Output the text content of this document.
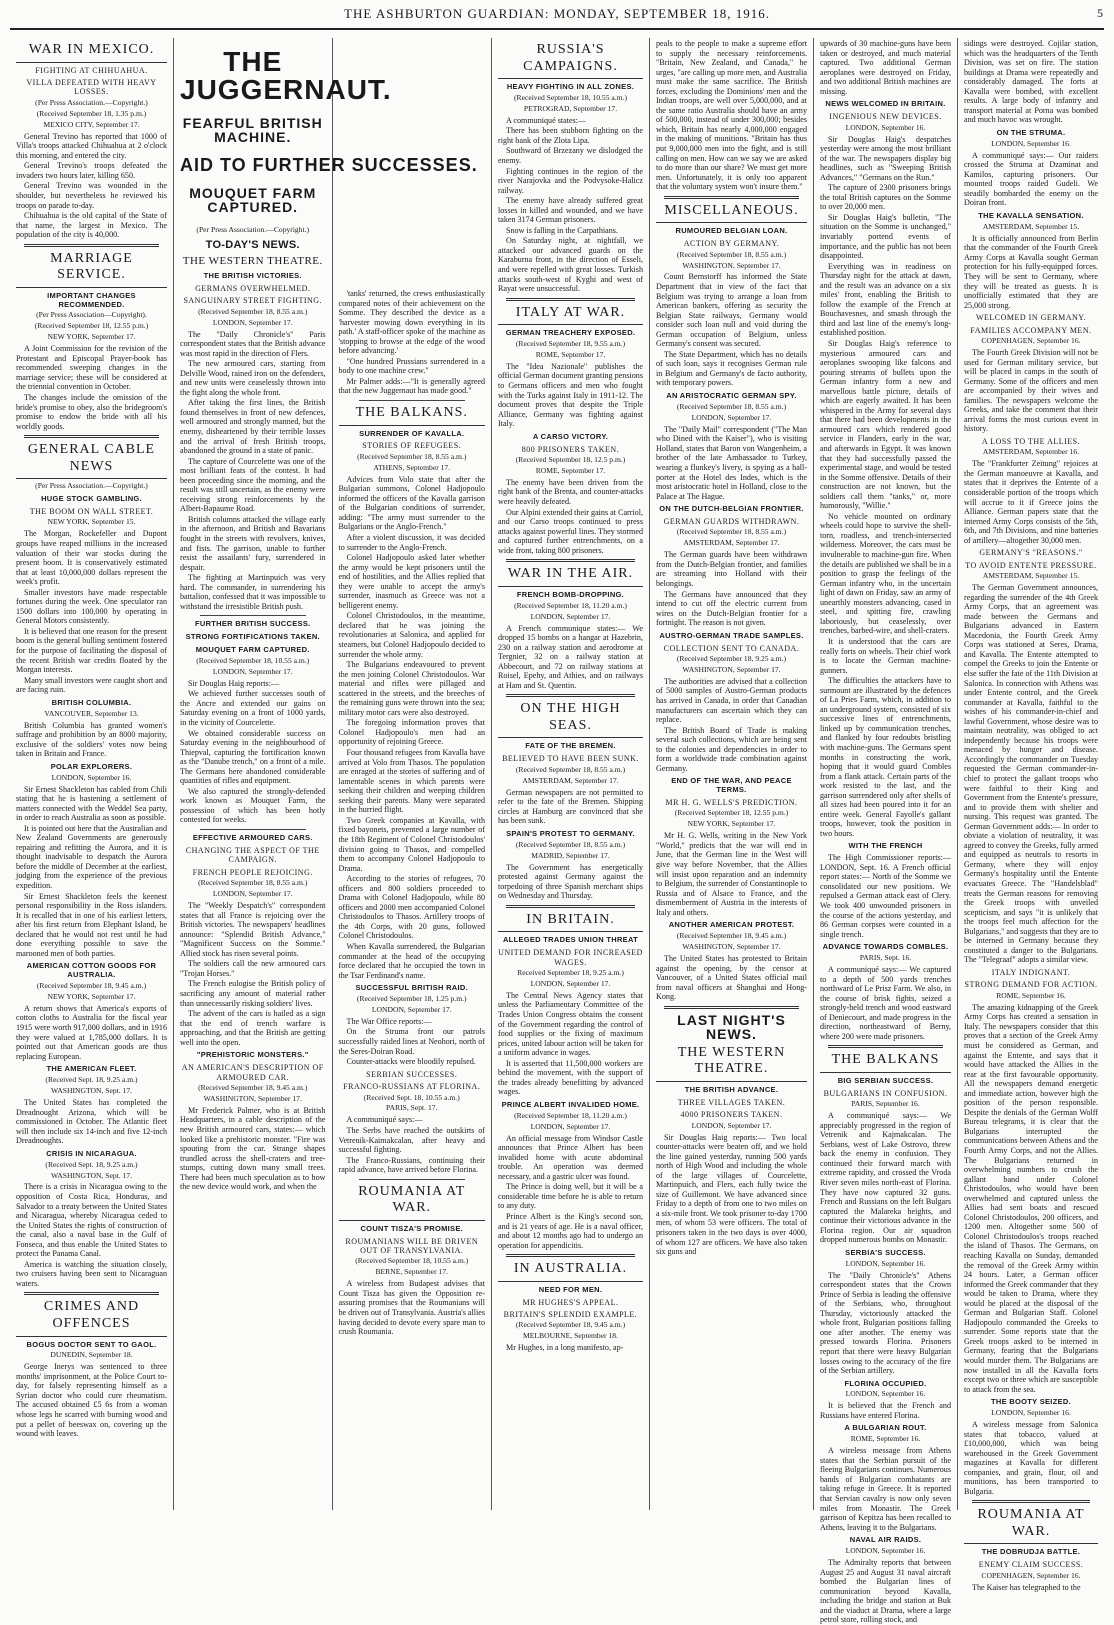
THE ASHBURTON GUARDIAN: MONDAY, SEPTEMBER 18, 1916.	5
WAR IN MEXICO.
FIGHTING AT CHIHUAHUA.
VILLA DEFEATED WITH HEAVY LOSSES.
(Per Press Association.—Copyright.)
(Received September 18, 1.35 p.m.)
MEXICO CITY, September 17.

General Trevino has reported that 1000 of Villa's troops attacked Chihuahua at 2 o'clock this morning, and entered the city.

General Trevino's troops defeated the invaders two hours later, killing 650.

General Trevino was wounded in the shoulder, but nevertheless he reviewed his troops on parade to-day.

Chihuahua is the old capital of the State of that name, the largest in Mexico. The population of the city is 40,000.

MARRIAGE SERVICE.
IMPORTANT CHANGES RECOMMENDED.
(Per Press Association—Copyright).
(Received September 18, 12.55 p.m.)
NEW YORK, September 17.

A Joint Commission for the revision of the Protestant and Episcopal Prayer-book has recommended sweeping changes in the marriage service; these will be considered at the triennial convention in October.

The changes include the omission of the bride's promise to obey, also the bridegroom's promise to endow the bride with all his worldly goods.

GENERAL CABLE NEWS
(Per Press Association.—Copyright.)
HUGE STOCK GAMBLING.
THE BOOM ON WALL STREET.
NEW YORK, September 15.

The Morgan, Rockefeller and Dupont groups have reaped millions in the increased valuation of their war stocks during the present boom. It is conservatively estimated that at least 10,000,000 dollars represent the week's profit.

Smaller investors have made respectable fortunes during the week. One speculator ran 1500 dollars into 100,000 by operating in General Motors consistently.

It is believed that one reason for the present boom is the general bulling sentiment fostered for the purpose of facilitating the disposal of the recent British war credits floated by the Morgan interests.

Many small investors were caught short and are facing ruin.

BRITISH COLUMBIA.
VANCOUVER, September 13.

British Columbia has granted women's suffrage and prohibition by an 8000 majority, exclusive of the soldiers' votes now being taken in Britain and France.

POLAR EXPLORERS.
LONDON, September 16.

Sir Ernest Shackleton has cabled from Chili stating that he is hastening a settlement of matters connected with the Weddel Sea party, in order to reach Australia as soon as possible.

It is pointed out here that the Australian and New Zealand Governments are generously repairing and refitting the Aurora, and it is thought inadvisable to despatch the Aurora before the middle of December at the earliest, judging from the experience of the previous expedition.

Sir Ernest Shackleton feels the keenest personal responsibility in the Ross islanders. It is recalled that in one of his earliest letters, after his first return from Elephant Island, he declared that he would not rest until he had done everything possible to save the marooned men of both parties.

AMERICAN COTTON GOODS FOR AUSTRALIA.
(Received September 18, 9.45 a.m.)
NEW YORK, September 17.

A return shows that America's exports of cotton cloths to Australia for the fiscal year 1915 were worth 917,000 dollars, and in 1916 they were valued at 1,785,000 dollars. It is pointed out that American goods are thus replacing European.

THE AMERICAN FLEET.
(Received Sept. 18, 9.25 a.m.)
WASHINGTON, Sept. 17.

The United States has completed the Dreadnought Arizona, which will be commissioned in October. The Atlantic fleet will then include six 14-inch and five 12-inch Dreadnoughts.

CRISIS IN NICARAGUA.
(Received Sept. 18, 9.25 a.m.)
WASHINGTON, Sept. 17.

There is a crisis in Nicaragua owing to the opposition of Costa Rica, Honduras, and Salvador to a treaty between the United States and Nicaragua, whereby Nicaragua ceded to the United States the rights of construction of the canal, also a naval base in the Gulf of Fonseca, and thus enable the United States to protect the Panama Canal.

America is watching the situation closely, two cruisers having been sent to Nicaraguan waters.

CRIMES AND OFFENCES
BOGUS DOCTOR SENT TO GAOL.
DUNEDIN, September 18.

George Inerys was sentenced to three months' imprisonment, at the Police Court to-day, for falsely representing himself as a Syrian doctor who could cure rheumatism. The accused obtained £5 6s from a woman whose legs he scarred with burning wood and put a pellet of beeswax on, covering up the wound with leaves.

THE JUGGERNAUT.
FEARFUL BRITISH MACHINE.
AID TO FURTHER SUCCESSES.
MOUQUET FARM CAPTURED.
(Per Press Association.—Copyright.)
TO-DAY'S NEWS.
THE WESTERN THEATRE.
THE BRITISH VICTORIES.
GERMANS OVERWHELMED.
SANGUINARY STREET FIGHTING.
(Received September 18, 8.55 a.m.)
LONDON, September 17.

The "Daily Chronicle's" Paris correspondent states that the British advance was most rapid in the direction of Flers.

The new armoured cars, starting from Delville Wood, rained iron on the defenders, and new units were ceaselessly thrown into the fight along the whole front.

After taking the first lines, the British found themselves in front of new defences, well armoured and strongly manned, but the enemy, disheartened by their terrible losses and the arrival of fresh British troops, abandoned the ground in a state of panic.

The capture of Courcelette was one of the most brilliant feats of the contest. It had been proceeding since the morning, and the result was still uncertain, as the enemy were receiving strong reinforcements by the Albert-Bapaume Road.

British columns attacked the village early in the afternoon, and British and Bavarians fought in the streets with revolvers, knives, and fists. The garrison, unable to further resist the assailants' fury, surrendered in despair.

The fighting at Martinpuich was very hard. The commander, in surrendering his battalion, confessed that it was impossible to withstand the irresistible British push.

FURTHER BRITISH SUCCESS.
STRONG FORTIFICATIONS TAKEN.
MOUQUET FARM CAPTURED.
(Received September 18, 10.55 a.m.)
LONDON, September 17.

Sir Douglas Haig reports:—

We achieved further successes south of the Ancre and extended our gains on Saturday evening on a front of 1000 yards, in the vicinity of Courcelette.

We obtained considerable success on Saturday evening in the neighbourhood of Thiepval, capturing the fortification known as the "Danube trench," on a front of a mile. The Germans here abandoned considerable quantities of rifles and equipment.

We also captured the strongly-defended work known as Mouquet Farm, the possession of which has been hotly contested for weeks.

EFFECTIVE ARMOURED CARS.
CHANGING THE ASPECT OF THE CAMPAIGN.
FRENCH PEOPLE REJOICING.
(Received September 18, 8.55 a.m.)
LONDON, September 17.

The "Weekly Despatch's" correspondent states that all France is rejoicing over the British victories. The newspapers' headlines announce: "Splendid British Advance," "Magnificent Success on the Somme." Allied stock has risen several points.

The soldiers call the new armoured cars "Trojan Horses."

The French eulogise the British policy of sacrificing any amount of material rather than unnecessarily risking soldiers' lives.

The advent of the cars is hailed as a sign that the end of trench warfare is approaching, and that the British are getting well into the open.

"PREHISTORIC MONSTERS."
AN AMERICAN'S DESCRIPTION OF ARMOURED CAR.
(Received September 18, 9.45 a.m.)
WASHINGTON, September 17.

Mr Frederick Palmer, who is at British Headquarters, in a cable description of the new British armoured cars, states:— which looked like a prehistoric monster. "Fire was spouting from the car. Strange shapes trundled across the shell-craters and tree-stumps, cutting down many small trees. There had been much speculation as to how the new device would work, and when the

'tanks' returned, the crews enthusiastically compared notes of their achievement on the Somme. They described the device as a 'harvester mowing down everything in its path.' A staff-officer spoke of the machine as 'stopping to browse at the edge of the wood before advancing.'

"One hundred Prussians surrendered in a body to one machine crew."

Mr Palmer adds:—"It is generally agreed that the new Juggernaut has made good."

THE BALKANS.
SURRENDER OF KAVALLA.
STORIES OF REFUGEES.
(Received September 18, 8.55 a.m.)
ATHENS, September 17.

Advices from Volo state that after the Bulgarian summons, Colonel Hadjopoulo informed the officers of the Kavalla garrison of the Bulgarian conditions of surrender, adding: "The army must surrender to the Bulgarians or the Anglo-French."

After a violent discussion, it was decided to surrender to the Anglo-French.

Colonel Hadjopoulo asked later whether the army would be kept prisoners until the end of hostilities, and the Allies replied that they were unable to accept the army's surrender, inasmuch as Greece was not a belligerent enemy.

Colonel Christodoulos, in the meantime, declared that he was joining the revolutionaries at Salonica, and applied for steamers, but Colonel Hadjopoulo decided to surrender the whole army.

The Bulgarians endeavoured to prevent the men joining Colonel Christodoulos. War material and rifles were pillaged and scattered in the streets, and the breeches of the remaining guns were thrown into the sea; military motor cars were also destroyed.

The foregoing information proves that Colonel Hadjopoulo's men had an opportunity of rejoining Greece.

Four thousand refugees from Kavalla have arrived at Volo from Thasos. The population are enraged at the stories of suffering and of lamentable scenes in which parents were seeking their children and weeping children seeking their parents. Many were separated in the hurried flight.

Two Greek companies at Kavalla, with fixed bayonets, prevented a large number of the 18th Regiment of Colonel Christodoulos' division going to Thasos, and compelled them to accompany Colonel Hadjopoulo to Drama.

According to the stories of refugees, 70 officers and 800 soldiers proceeded to Drama with Colonel Hadjopoulo, while 80 officers and 2000 men accompanied Colonel Christodoulos to Thasos. Artillery troops of the 4th Corps, with 20 guns, followed Colonel Christodoulos.

When Kavalla surrendered, the Bulgarian commander at the head of the occupying force declared that he occupied the town in the Tsar Ferdinand's name.

SUCCESSFUL BRITISH RAID.
(Received September 18, 1.25 p.m.)
LONDON, September 17.

The War Office reports:—

On the Struma front our patrols successfully raided lines at Neohori, north of the Seres-Doiran Road.

Counter-attacks were bloodily repulsed.

SERBIAN SUCCESSES.
FRANCO-RUSSIANS AT FLORINA.
(Received Sept. 18, 10.55 a.m.)
PARIS, Sept. 17.

A communiqué says:—

The Serbs have reached the outskirts of Vetrenik-Kaimakcalan, after heavy and successful fighting.

The Franco-Russians, continuing their rapid advance, have arrived before Florina.

ROUMANIA AT WAR.
COUNT TISZA'S PROMISE.
ROUMANIANS WILL BE DRIVEN OUT OF TRANSYLVANIA.
(Received September 18, 10.55 a.m.)
BERNE, September 17.

A wireless from Budapest advises that Count Tisza has given the Opposition re-assuring promises that the Roumanians will be driven out of Transylvania. Austria's allies having decided to devote every spare man to crush Roumania.

RUSSIA'S CAMPAIGNS.
HEAVY FIGHTING IN ALL ZONES.
(Received September 18, 10.55 a.m.)
PETROGRAD, September 17.

A communiqué states:—

There has been stubborn fighting on the right bank of the Zlota Lipa.

Southward of Brzezany we dislodged the enemy.

Fighting continues in the region of the river Narajovka and the Podvysoke-Halicz railway.

The enemy have already suffered great losses in killed and wounded, and we have taken 3174 German prisoners.

Snow is falling in the Carpathians.

On Saturday night, at nightfall, we attacked our advanced guards on the Karaburna front, in the direction of Esseli, and were repelled with great losses. Turkish attacks south-west of Kyghi and west of Rayat were unsuccessful.

ITALY AT WAR.
GERMAN TREACHERY EXPOSED.
(Received September 18, 9.55 a.m.)
ROME, September 17.

The "Idea Nazionale" publishes the official German document granting pensions to Germans officers and men who fought with the Turks against Italy in 1911-12. The document proves that despite the Triple Alliance, Germany was fighting against Italy.

A CARSO VICTORY.
800 PRISONERS TAKEN.
(Received September 18, 12.5 p.m.)
ROME, September 17.

The enemy have been driven from the right bank of the Brenta, and counter-attacks were heavily defeated.

Our Alpini extended their gains at Carriol, and our Carso troops continued to press attacks against powerful lines. They stormed and captured further entrenchments, on a wide front, taking 800 prisoners.

WAR IN THE AIR.
FRENCH BOMB-DROPPING.
(Received September 18, 11.20 a.m.)
LONDON, September 17.

A French communique states:— We dropped 15 bombs on a hangar at Hazebrin, 230 on a railway station and aerodrome at Tergnier, 32 on a railway station at Abbecourt, and 72 on railway stations at Roisel, Epehy, and Athies, and on railways at Ham and St. Quentin.

ON THE HIGH SEAS.
FATE OF THE BREMEN.
BELIEVED TO HAVE BEEN SUNK.
(Received September 18, 8.55 a.m.)
AMSTERDAM, September 17.

German newspapers are not permitted to refer to the fate of the Bremen. Shipping circles at Hamburg are convinced that she has been sunk.

SPAIN'S PROTEST TO GERMANY.
(Received September 18, 8.55 a.m.)
MADRID, September 17.

The Government has energetically protested against Germany against the torpedoing of three Spanish merchant ships on Wednesday and Thursday.

IN BRITAIN.
ALLEGED TRADES UNION THREAT
UNITED DEMAND FOR INCREASED WAGES.
Received September 18, 9.25 a.m.)
LONDON, September 17.

The Central News Agency states that unless the Parliamentary Committee of the Trades Union Congress obtains the consent of the Government regarding the control of food supplies or the fixing of maximum prices, united labour action will be taken for a uniform advance in wages.

It is asserted that 11,500,000 workers are behind the movement, with the support of the trades already benefitting by advanced wages.

PRINCE ALBERT INVALIDED HOME.
(Received September 18, 11.20 a.m.)
LONDON, September 17.

An official message from Windsor Castle announces that Prince Albert has been invalided home with acute abdominal trouble. An operation was deemed necessary, and a gastric ulcer was found.

The Prince is doing well, but it will be a considerable time before he is able to return to any duty.

Prince Albert is the King's second son, and is 21 years of age. He is a naval officer, and about 12 months ago had to undergo an operation for appendicitis.

IN AUSTRALIA.
NEED FOR MEN.
MR HUGHES'S APPEAL.
BRITAIN'S SPLENDID EXAMPLE.
(Received September 18, 9.45 a.m.)
MELBOURNE, September 18.

Mr Hughes, in a long manifesto, ap-

peals to the people to make a supreme effort to supply the necessary reinforcements. "Britain, New Zealand, and Canada," he urges, "are calling up more men, and Australia must make the same sacrifice. The British forces, excluding the Dominions' men and the Indian troops, are well over 5,000,000, and at the same ratio Australia should have an army of 500,000, instead of under 300,000; besides which, Britain has nearly 4,000,000 engaged in the making of munitions. "Britain has thus put 9,000,000 men into the fight, and is still calling on men. How can we say we are asked to do more than our share? We must get more men. Unfortunately, it is only too apparent that the voluntary system won't insure them."

MISCELLANEOUS.
RUMOURED BELGIAN LOAN.
ACTION BY GERMANY.
(Received September 18, 8.55 a.m.)
WASHINGTON, September 17.

Count Bernstorff has informed the State Department that in view of the fact that Belgium was trying to arrange a loan from American bankers, offering as security the Belgian State railways, Germany would consider such loan null and void during the German occupation of Belgium, unless Germany's consent was secured.

The State Department, which has no details of such loan, says it recognises German rule in Belgium and Germany's de facto authority, with temporary powers.

AN ARISTOCRATIC GERMAN SPY.
(Received September 18, 8.55 a.m.)
LONDON, September 17.

The "Daily Mail" correspondent ("The Man who Dined with the Kaiser"), who is visiting Holland, states that Baron von Wangenheim, a brother of the late Ambassador to Turkey, wearing a flunkey's livery, is spying as a hall-porter at the Hotel des Indes, which is the most aristocratic hotel in Holland, close to the Palace at The Hague.

ON THE DUTCH-BELGIAN FRONTIER.
GERMAN GUARDS WITHDRAWN.
(Received September 18, 8.55 a.m.)
AMSTERDAM, September 17.

The German guards have been withdrawn from the Dutch-Belgian frontier, and families are streaming into Holland with their belongings.

The Germans have announced that they intend to cut off the electric current from wires on the Dutch-Belgian frontier for a fortnight. The reason is not given.

AUSTRO-GERMAN TRADE SAMPLES.
COLLECTION SENT TO CANADA.
(Received September 18, 9.25 a.m.)
WASHINGTON, September 17.

The authorities are advised that a collection of 5000 samples of Austro-German products has arrived in Canada, in order that Canadian manufacturers can ascertain which they can replace.

The British Board of Trade is making several such collections, which are being sent to the colonies and dependencies in order to form a worldwide trade combination against Germany.

END OF THE WAR, AND PEACE TERMS.
MR H. G. WELLS'S PREDICTION.
(Received September 18, 12.55 p.m.)
NEW YORK, September 17.

Mr H. G. Wells, writing in the New York "World," predicts that the war will end in June, that the German line in the West will give way before November, that the Allies will insist upon reparation and an indemnity to Belgium, the surrender of Constantinople to Russia and of Alsace to France, and the dismemberment of Austria in the interests of Italy and others.

ANOTHER AMERICAN PROTEST.
(Received September 18, 9.45 a.m.)
WASHINGTON, September 17.

The United States has protested to Britain against the opening, by the censor at Vancouver, of a United States official mail from naval officers at Shanghai and Hong-Kong.

LAST NIGHT'S NEWS.
THE WESTERN THEATRE.
THE BRITISH ADVANCE.
THREE VILLAGES TAKEN.
4000 PRISONERS TAKEN.
LONDON, September 17.

Sir Douglas Haig reports:— Two local counter-attacks were beaten off, and we hold the line gained yesterday, running 500 yards north of High Wood and including the whole of the large villages of Courcelette, Martinpuich, and Flers, each fully twice the size of Guillemont. We have advanced since Friday to a depth of from one to two miles on a six-mile front. We took prisoner to-day 1700 men, of whom 53 were officers. The total of prisoners taken in the two days is over 4000, of whom 127 are officers. We have also taken six guns and

upwards of 30 machine-guns have been taken or destroyed, and much material captured. Two additional German aeroplanes were destroyed on Friday, and two additional British machines are missing.

NEWS WELCOMED IN BRITAIN.
INGENIOUS NEW DEVICES.
LONDON, September 16.

Sir Douglas Haig's despatches yesterday were among the most brilliant of the war. The newspapers display big headlines, such as "Sweeping British Advances," "Germans on the Run."

The capture of 2300 prisoners brings the total British captures on the Somme to over 20,000 men.

Sir Douglas Haig's bulletin, "The situation on the Somme is unchanged," invariably portend events of importance, and the public has not been disappointed.

Everything was in readiness on Thursday night for the attack at dawn, and the result was an advance on a six miles' front, enabling the British to follow the example of the French at Bouchavesnes, and smash through the third and last line of the enemy's long-established position.

Sir Douglas Haig's reference to mysterious armoured cars and aeroplanes swooping like falcons and pouring streams of bullets upon the German infantry form a new and marvellous battle picture, details of which are eagerly awaited. It has been whispered in the Army for several days that there had been developments in the armoured cars which rendered good service in Flanders, early in the war, and afterwards in Egypt. It was known that they had successfully passed the experimental stage, and would be tested in the Somme offensive. Details of their construction are not known, but the soldiers call them "tanks," or, more humorously, "Willie."

No vehicle mounted on ordinary wheels could hope to survive the shell-torn, roadless, and trench-intersected wilderness. Moreover, the cars must be invulnerable to machine-gun fire. When the details are published we shall be in a position to grasp the feelings of the German infantry who, in the uncertain light of dawn on Friday, saw an army of unearthly monsters advancing, cased in steel, and spitting fire, crawling laboriously, but ceaselessly, over trenches, barbed-wire, and shell-craters.

It is understood that the cars are really forts on wheels. Their chief work is to locate the German machine-gunners.

The difficulties the attackers have to surmount are illustrated by the defences of La Pries Farm, which, in addition to an underground system, consisted of six successive lines of entrenchments, linked up by communication trenches, and flanked by four redoubts bristling with machine-guns. The Germans spent months in constructing the work, hoping that it would guard Combles from a flank attack. Certain parts of the work resisted to the last, and the garrison surrendered only after shells of all sizes had been poured into it for an entire week. General Fayolle's gallant troops, however, took the position in two hours.

WITH THE FRENCH

The High Commissioner reports:— LONDON, Sept. 16. A French official report states:— North of the Somme we consolidated our new positions. We repulsed a German attack east of Clery. We took 400 unwounded prisoners in the course of the actions yesterday, and 86 German corpses were counted in a single trench.

ADVANCE TOWARDS COMBLES.
PARIS, Sept. 16.

A communiqué says:— We captured to a depth of 500 yards trenches northward of Le Prisz Farm. We also, in the course of brisk fights, seized a strongly-held trench and wood eastward of Deniecourt, and made progress in the direction, northeastward of Berny, where 200 were made prisoners.

THE BALKANS
BIG SERBIAN SUCCESS.
BULGARIANS IN CONFUSION.
PARIS, September 16.

A communiqué says:— We appreciably progressed in the region of Vetrenik and Kajmakcalan. The Serbians, west of Lake Ostrovo, threw back the enemy in confusion. They continued their forward march with extreme rapidity, and crossed the Vroda River seven miles north-east of Florina. They have now captured 32 guns. French and Russians on the left Bulgars captured the Malareka heights, and continue their victorious advance in the Florina region. Our air squadron dropped numerous bombs on Monastir.

SERBIA'S SUCCESS.
LONDON, September 16.

The "Daily Chronicle's" Athens correspondent states that the Crown Prince of Serbia is leading the offensive of the Serbians, who, throughout Thursday, victoriously attacked the whole front, Bulgarian positions falling one after another. The enemy was pressed towards Florina. Prisoners report that there were heavy Bulgarian losses owing to the accuracy of the fire of the Serbian artillery.

FLORINA OCCUPIED.
LONDON, September 16.

It is believed that the French and Russians have entered Florina.

A BULGARIAN ROUT.
ROME, September 16.

A wireless message from Athens states that the Serbian pursuit of the fleeing Bulgarians continues. Numerous bands of Bulgarian combatants are taking refuge in Greece. It is reported that Servian cavalry is now only seven miles from Monastir. The Greek garrison of Kepitza has been recalled to Athens, leaving it to the Bulgarians.

NAVAL AIR RAIDS.
LONDON, September 16.

The Admiralty reports that between August 25 and August 31 naval aircraft bombed the Bulgarian lines of communication beyond Kavalla, including the bridge and station at Buk and the viaduct at Drama, where a large petrol store, rolling stock, and

sidings were destroyed. Cojilar station, which was the headquarters of the Tenth Division, was set on fire. The station buildings at Drama were repeatedly and considerably damaged. The forts at Kavalla were bombed, with excellent results. A large body of infantry and transport material at Porna was bombed and much havoc was wrought.

ON THE STRUMA.
LONDON, September 16.

A communiqué says:— Our raiders crossed the Struma at Dzaminat and Kamilos, capturing prisoners. Our mounted troops raided Gudeli. We steadily bombarded the enemy on the Doiran front.

THE KAVALLA SENSATION.
AMSTERDAM, September 15.

It is officially announced from Berlin that the commander of the Fourth Greek Army Corps at Kavalla sought German protection for his fully-equipped forces. They will be sent to Germany, where they will be treated as guests. It is unofficially estimated that they are 25,000 strong.

WELCOMED IN GERMANY.
FAMILIES ACCOMPANY MEN.
COPENHAGEN, September 16.

The Fourth Greek Division will not be used for German military service, but will be placed in camps in the south of Germany. Some of the officers and men are accompanied by their wives and families. The newspapers welcome the Greeks, and take the comment that their arrival forms the most curious event in history.

A LOSS TO THE ALLIES.
AMSTERDAM, September 16.

The "Frankfurter Zeitung" rejoices at the German manoeuvre at Kavalla, and states that it deprives the Entente of a considerable portion of the troops which will accrue to it if Greece joins the Alliance. German papers state that the interned Army Corps consists of the 5th, 6th, and 7th Divisions, and nine batteries of artillery—altogether 30,000 men.

GERMANY'S "REASONS."
TO AVOID ENTENTE PRESSURE.
AMSTERDAM, September 15.

The German Government announces, regarding the surrender of the 4th Greek Army Corps, that an agreement was made between the Germans and Bulgarians advanced in Eastern Macedonia, the Fourth Greek Army Corps was stationed at Seres, Drama, and Kavalla. The Entente attempted to compel the Greeks to join the Entente or else suffer the fate of the 11th Division at Salonica. In connection with Athens was under Entente control, and the Greek commander at Kavalla, faithful to the wishes of his commander-in-chief and lawful Government, whose desire was to maintain neutrality, was obliged to act independently because his troops were menaced by hunger and disease. Accordingly the commander on Tuesday requested the German commander-in-chief to protect the gallant troops who were faithful to their King and Government from the Entente's pressure, and to provide them with shelter and nursing. This request was granted. The German Government adds:— In order to obviate a violation of neutrality, it was agreed to convey the Greeks, fully armed and equipped as neutrals to resorts in Germany, where they will enjoy Germany's hospitality until the Entente evacuates Greece. The "Handelsblad" treats the German reasons for removing the Greek troops with unveiled scepticism, and says "it is unlikely that the troops feel much affection for the Bulgarians," and suggests that they are to be interned in Germany because they constituted a danger to the Bulgarians. The "Telegraaf" adopts a similar view.

ITALY INDIGNANT.
STRONG DEMAND FOR ACTION.
ROME, September 16.

The amazing kidnapping of the Greek Army Corps has created a sensation in Italy. The newspapers consider that this proves that a section of the Greek Army must be considered as German, and against the Entente, and says that it would have attacked the Allies in the rear at the first favourable opportunity. All the newspapers demand energetic and immediate action, however high the position of the person responsible. Despite the denials of the German Wolff Bureau telegrams, it is clear that the Bulgarians interrupted the communications between Athens and the Fourth Army Corps, and not the Allies. The Bulgarians returned in overwhelming numbers to crush the gallant band under Colonel Christodoulos, who would have been overwhelmed and captured unless the Allies had sent boats and rescued Colonel Christodoulos, 200 officers, and 1200 men. Altogether some 500 of Colonel Christodoulos's troops reached the island of Thasos. The Germans, on reaching Kavalla on Sunday, demanded the removal of the Greek Army within 24 hours. Later, a German officer informed the Greek commander that they would be taken to Drama, where they would be placed at the disposal of the German and Bulgarian Staff. Colonel Hadjopoulo commanded the Greeks to surrender. Some reports state that the Greek troops asked to be interned in Germany, fearing that the Bulgarians would murder them. The Bulgarians are now installed in all the Kavalla forts except two or three which are susceptible to attack from the sea.

THE BOOTY SEIZED.
LONDON, September 16.

A wireless message from Salonica states that tobacco, valued at £10,000,000, which was being warehoused in the Greek Government magazines at Kavalla for different companies, and grain, flour, oil and munitions, has been transported to Bulgaria.

ROUMANIA AT WAR.
THE DOBRUDJA BATTLE.
ENEMY CLAIM SUCCESS.
COPENHAGEN, September 16.

The Kaiser has telegraphed to the
